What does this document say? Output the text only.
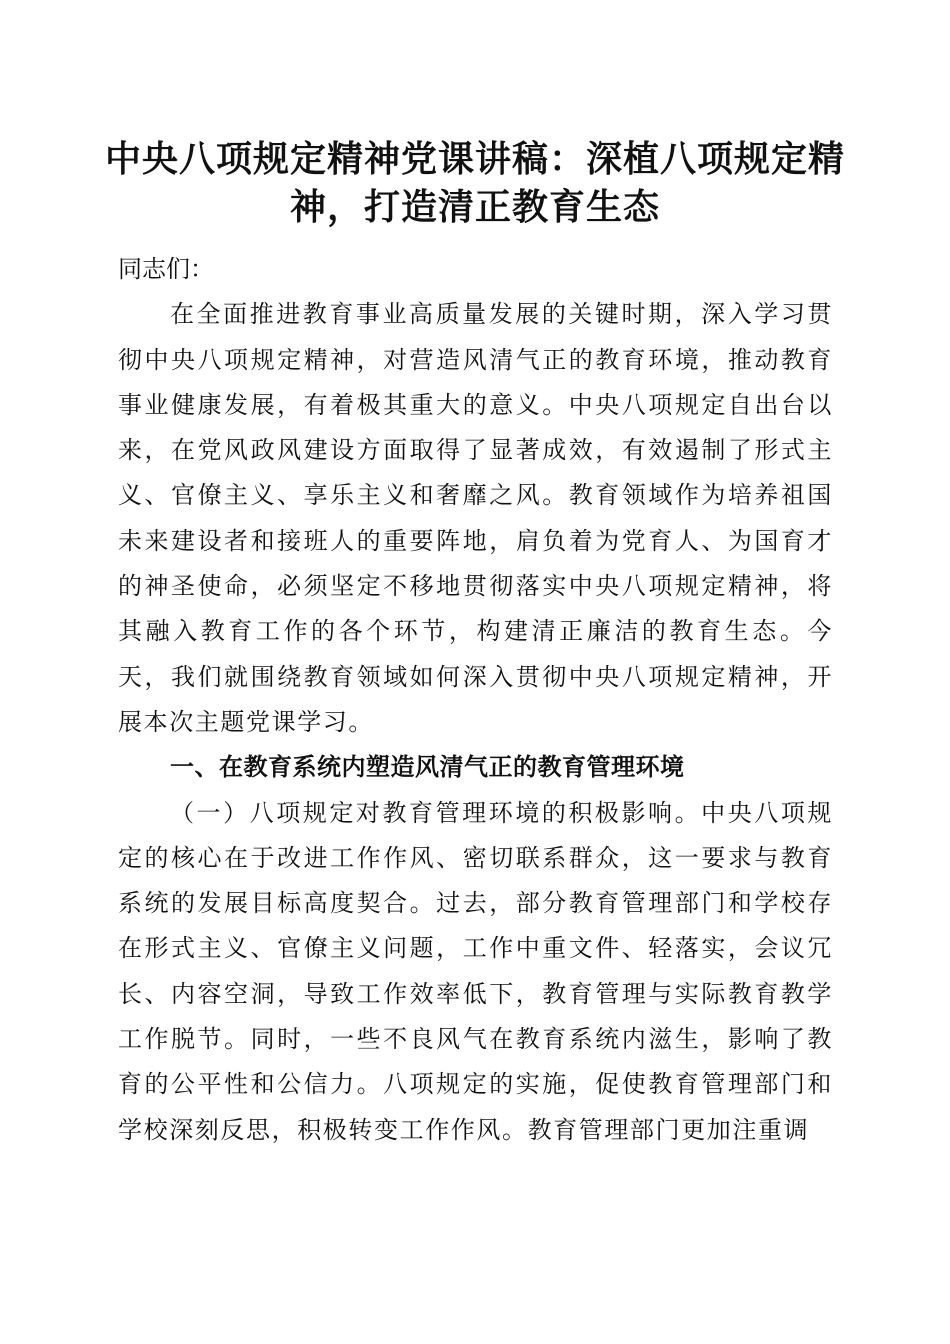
中央八项规定精神党课讲稿：深植八项规定精神，打造清正教育生态

同志们：

在全面推进教育事业高质量发展的关键时期，深入学习贯彻中央八项规定精神，对营造风清气正的教育环境，推动教育事业健康发展，有着极其重大的意义。中央八项规定自出台以来，在党风政风建设方面取得了显著成效，有效遏制了形式主义、官僚主义、享乐主义和奢靡之风。教育领域作为培养祖国未来建设者和接班人的重要阵地，肩负着为党育人、为国育才的神圣使命，必须坚定不移地贯彻落实中央八项规定精神，将其融入教育工作的各个环节，构建清正廉洁的教育生态。今天，我们就围绕教育领域如何深入贯彻中央八项规定精神，开展本次主题党课学习。

一、在教育系统内塑造风清气正的教育管理环境

（一）八项规定对教育管理环境的积极影响。中央八项规定的核心在于改进工作作风、密切联系群众，这一要求与教育系统的发展目标高度契合。过去，部分教育管理部门和学校存在形式主义、官僚主义问题，工作中重文件、轻落实，会议冗长、内容空洞，导致工作效率低下，教育管理与实际教育教学工作脱节。同时，一些不良风气在教育系统内滋生，影响了教育的公平性和公信力。八项规定的实施，促使教育管理部门和学校深刻反思，积极转变工作作风。教育管理部门更加注重调
